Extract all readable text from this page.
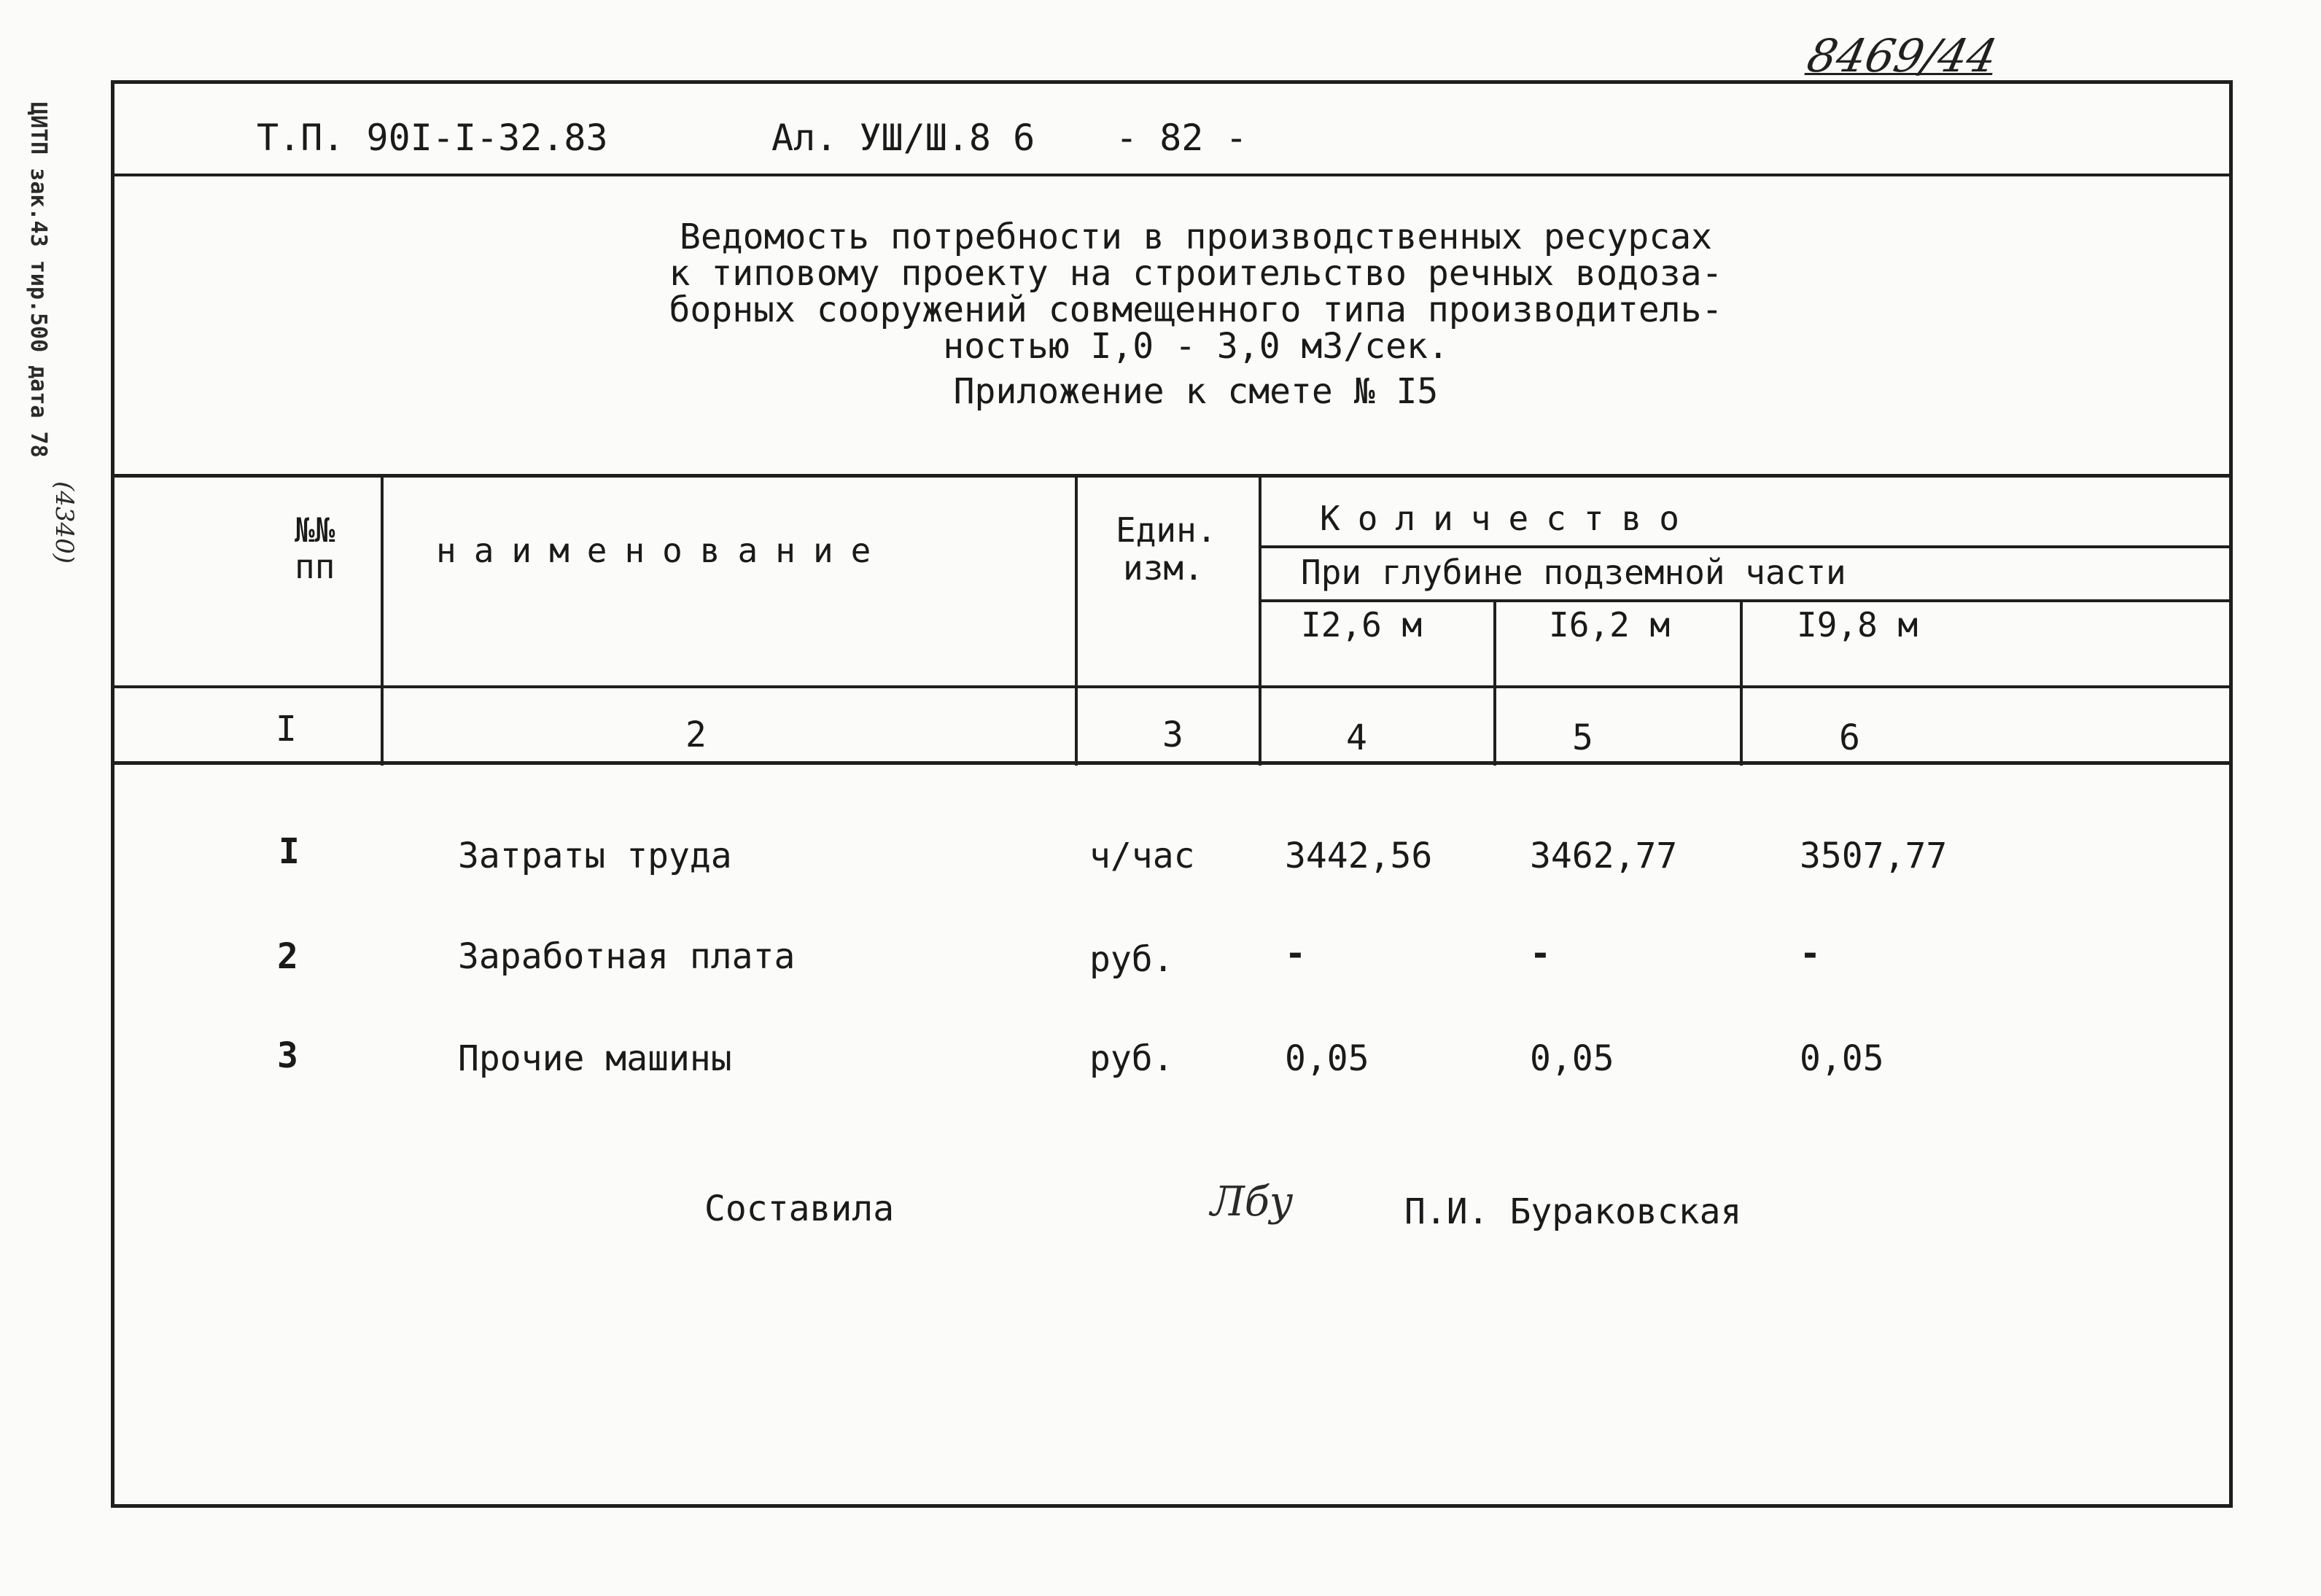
8469/44
ЦИТП зак.43 тир.500 дата 78
(4340)
Т.П. 90I-I-32.83	Ал. УШ/Ш.8 6 - 82 -
Ведомость потребности в производственных ресурсах
к типовому проекту на строительство речных водоза-
борных сооружений совмещенного типа производитель-
ностью I,0 - 3,0 м3/сек.
Приложение к смете № I5
№№
пп	наименование
Един.
изм.
Количество
При глубине подземной части
I2,6 м	I6,2 м	I9,8 м
I	2	3	4	5	6
I	Затраты труда	ч/час	3442,56	3462,77	3507,77
2	Заработная плата	руб.	-	-	-
3	Прочие машины	руб.	0,05	0,05	0,05
Составила	Лбу	П.И. Бураковская
